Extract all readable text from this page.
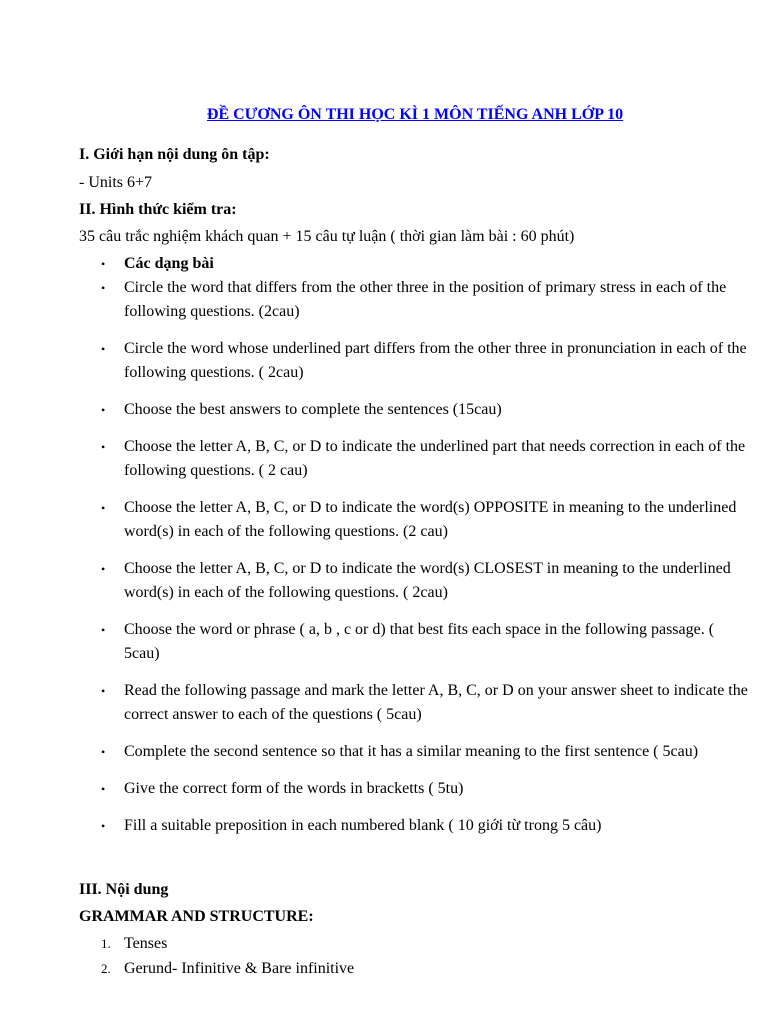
ĐỀ CƯƠNG ÔN THI HỌC KÌ 1 MÔN TIẾNG ANH LỚP 10
I. Giới hạn nội dung ôn tập:
- Units 6+7
II. Hình thức kiểm tra:
35 câu trắc nghiệm khách quan + 15 câu tự luận ( thời gian làm bài : 60 phút)
• Các dạng bài
• Circle the word that differs from the other three in the position of primary stress in each of the following questions. (2cau)
• Circle the word whose underlined part differs from the other three in pronunciation in each of the following questions. ( 2cau)
• Choose the best answers to complete the sentences (15cau)
• Choose the letter A, B, C, or D to indicate the underlined part that needs correction in each of the following questions. ( 2 cau)
• Choose the letter A, B, C, or D to indicate the word(s) OPPOSITE in meaning to the underlined word(s) in each of the following questions. (2 cau)
• Choose the letter A, B, C, or D to indicate the word(s) CLOSEST in meaning to the underlined word(s) in each of the following questions. ( 2cau)
• Choose the word or phrase ( a, b , c or d) that best fits each space in the following passage. ( 5cau)
• Read the following passage and mark the letter A, B, C, or D on your answer sheet to indicate the correct answer to each of the questions ( 5cau)
• Complete the second sentence so that it has a similar meaning to the first sentence ( 5cau)
• Give the correct form of the words in bracketts ( 5tu)
• Fill a suitable preposition in each numbered blank ( 10 giới từ trong 5 câu)
III. Nội dung
GRAMMAR AND STRUCTURE:
1. Tenses
2. Gerund- Infinitive & Bare infinitive
